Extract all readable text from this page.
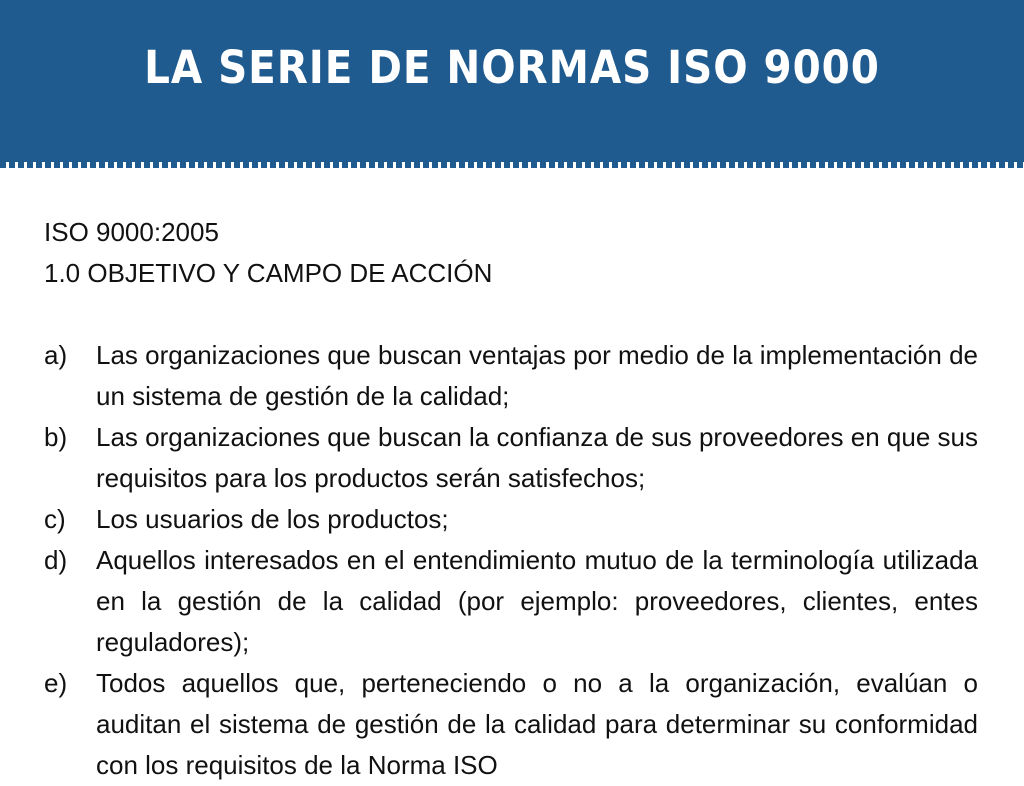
LA SERIE DE NORMAS ISO 9000
ISO 9000:2005
1.0 OBJETIVO Y CAMPO DE ACCIÓN
a)	Las organizaciones que buscan ventajas por medio de la implementación de un sistema de gestión de la calidad;
b)	Las organizaciones que buscan la confianza de sus proveedores en que sus requisitos para los productos serán satisfechos;
c)	Los usuarios de los productos;
d)	Aquellos interesados en el entendimiento mutuo de la terminología utilizada en la gestión de la calidad (por ejemplo: proveedores, clientes, entes reguladores);
e)	Todos aquellos que, perteneciendo o no a la organización, evalúan o auditan el sistema de gestión de la calidad para determinar su conformidad con los requisitos de la Norma ISO
